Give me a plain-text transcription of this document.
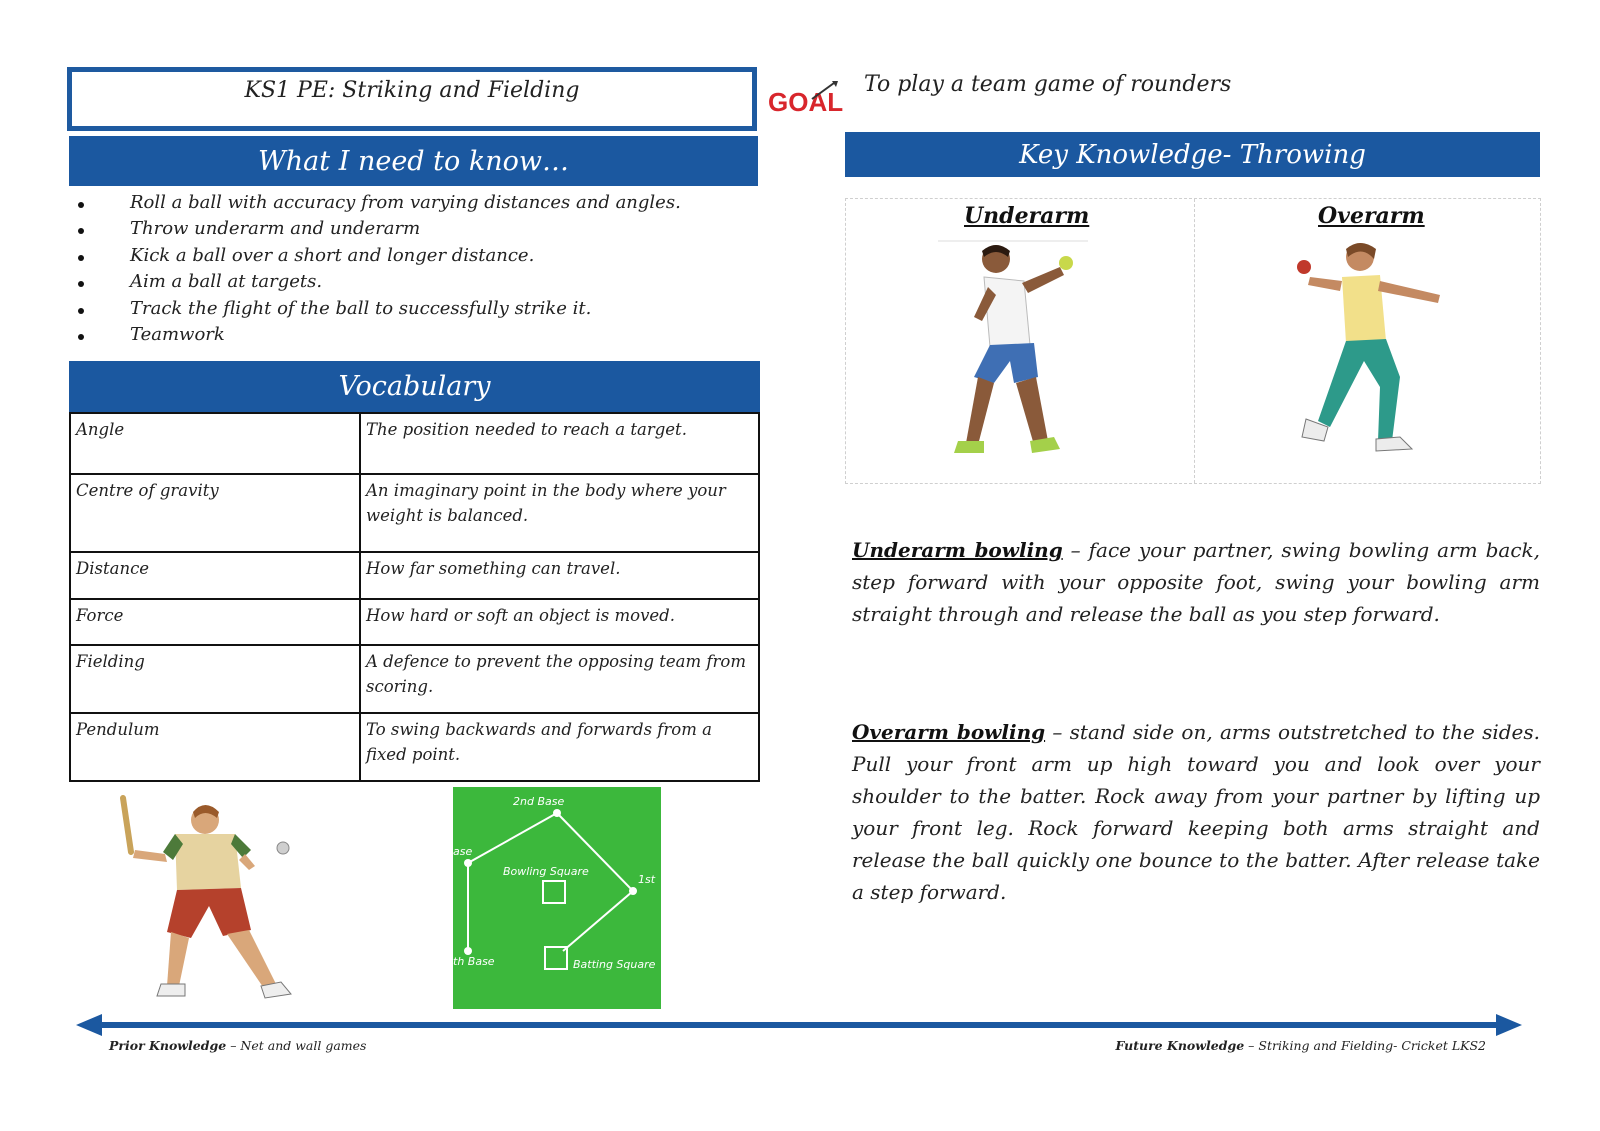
KS1 PE: Striking and Fielding
What I need to know…
Roll a ball with accuracy from varying distances and angles.
Throw underarm and underarm
Kick a ball over a short and longer distance.
Aim a ball at targets.
Track the flight of the ball to successfully strike it.
Teamwork
Vocabulary
Angle	The position needed to reach a target.
Centre of gravity	An imaginary point in the body where your weight is balanced.
Distance	How far something can travel.
Force	How hard or soft an object is moved.
Fielding	A defence to prevent the opposing team from scoring.
Pendulum	To swing backwards and forwards from a fixed point.
2nd Base
ase
1st
th Base
Bowling Square
Batting Square
GOAL
To play a team game of rounders
Key Knowledge- Throwing
Underarm	Overarm
Underarm bowling – face your partner, swing bowling arm back, step forward with your opposite foot, swing your bowling arm straight through and release the ball as you step forward.
Overarm bowling – stand side on, arms outstretched to the sides. Pull your front arm up high toward you and look over your shoulder to the batter. Rock away from your partner by lifting up your front leg. Rock forward keeping both arms straight and release the ball quickly one bounce to the batter. After release take a step forward.
Prior Knowledge – Net and wall games	Future Knowledge – Striking and Fielding- Cricket LKS2
